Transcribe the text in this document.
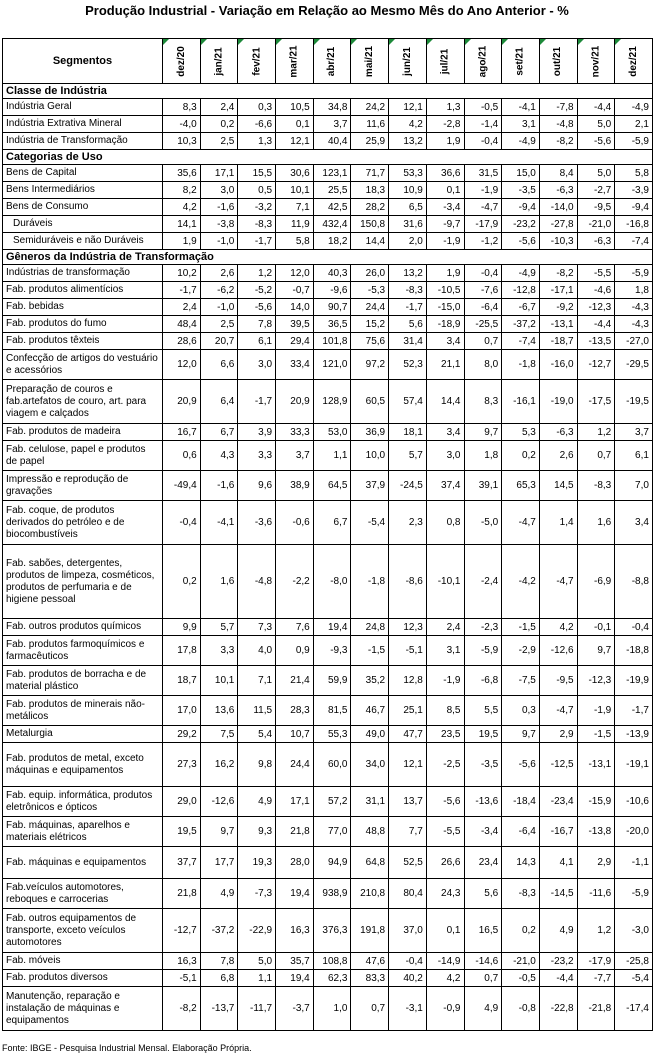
Produção Industrial - Variação em Relação ao Mesmo Mês do Ano Anterior - %
Segmentos	dez/20	jan/21	fev/21	mar/21	abr/21	mai/21	jun/21	jul/21	ago/21	set/21	out/21	nov/21	dez/21
Classe de Indústria													
Indústria Geral	8,3	2,4	0,3	10,5	34,8	24,2	12,1	1,3	-0,5	-4,1	-7,8	-4,4	-4,9
Indústria Extrativa Mineral	-4,0	0,2	-6,6	0,1	3,7	11,6	4,2	-2,8	-1,4	3,1	-4,8	5,0	2,1
Indústria de Transformação	10,3	2,5	1,3	12,1	40,4	25,9	13,2	1,9	-0,4	-4,9	-8,2	-5,6	-5,9
Categorias de Uso													
Bens de Capital	35,6	17,1	15,5	30,6	123,1	71,7	53,3	36,6	31,5	15,0	8,4	5,0	5,8
Bens Intermediários	8,2	3,0	0,5	10,1	25,5	18,3	10,9	0,1	-1,9	-3,5	-6,3	-2,7	-3,9
Bens de Consumo	4,2	-1,6	-3,2	7,1	42,5	28,2	6,5	-3,4	-4,7	-9,4	-14,0	-9,5	-9,4
Duráveis	14,1	-3,8	-8,3	11,9	432,4	150,8	31,6	-9,7	-17,9	-23,2	-27,8	-21,0	-16,8
Semiduráveis e não Duráveis	1,9	-1,0	-1,7	5,8	18,2	14,4	2,0	-1,9	-1,2	-5,6	-10,3	-6,3	-7,4
Gêneros da Indústria de Transformação													
Indústrias de transformação	10,2	2,6	1,2	12,0	40,3	26,0	13,2	1,9	-0,4	-4,9	-8,2	-5,5	-5,9
Fab. produtos alimentícios	-1,7	-6,2	-5,2	-0,7	-9,6	-5,3	-8,3	-10,5	-7,6	-12,8	-17,1	-4,6	1,8
Fab. bebidas	2,4	-1,0	-5,6	14,0	90,7	24,4	-1,7	-15,0	-6,4	-6,7	-9,2	-12,3	-4,3
Fab. produtos do fumo	48,4	2,5	7,8	39,5	36,5	15,2	5,6	-18,9	-25,5	-37,2	-13,1	-4,4	-4,3
Fab. produtos têxteis	28,6	20,7	6,1	29,4	101,8	75,6	31,4	3,4	0,7	-7,4	-18,7	-13,5	-27,0
Confecção de artigos do vestuário e acessórios	12,0	6,6	3,0	33,4	121,0	97,2	52,3	21,1	8,0	-1,8	-16,0	-12,7	-29,5
Preparação de couros e fab.artefatos de couro, art. para viagem e calçados	20,9	6,4	-1,7	20,9	128,9	60,5	57,4	14,4	8,3	-16,1	-19,0	-17,5	-19,5
Fab. produtos de madeira	16,7	6,7	3,9	33,3	53,0	36,9	18,1	3,4	9,7	5,3	-6,3	1,2	3,7
Fab. celulose, papel e produtos de papel	0,6	4,3	3,3	3,7	1,1	10,0	5,7	3,0	1,8	0,2	2,6	0,7	6,1
Impressão e reprodução de gravações	-49,4	-1,6	9,6	38,9	64,5	37,9	-24,5	37,4	39,1	65,3	14,5	-8,3	7,0
Fab. coque, de produtos derivados do petróleo e de biocombustíveis	-0,4	-4,1	-3,6	-0,6	6,7	-5,4	2,3	0,8	-5,0	-4,7	1,4	1,6	3,4
Fab. sabões, detergentes, produtos de limpeza, cosméticos, produtos de perfumaria e de higiene pessoal	0,2	1,6	-4,8	-2,2	-8,0	-1,8	-8,6	-10,1	-2,4	-4,2	-4,7	-6,9	-8,8
Fab. outros produtos químicos	9,9	5,7	7,3	7,6	19,4	24,8	12,3	2,4	-2,3	-1,5	4,2	-0,1	-0,4
Fab. produtos farmoquímicos e farmacêuticos	17,8	3,3	4,0	0,9	-9,3	-1,5	-5,1	3,1	-5,9	-2,9	-12,6	9,7	-18,8
Fab. produtos de borracha e de material plástico	18,7	10,1	7,1	21,4	59,9	35,2	12,8	-1,9	-6,8	-7,5	-9,5	-12,3	-19,9
Fab. produtos de minerais não-metálicos	17,0	13,6	11,5	28,3	81,5	46,7	25,1	8,5	5,5	0,3	-4,7	-1,9	-1,7
Metalurgia	29,2	7,5	5,4	10,7	55,3	49,0	47,7	23,5	19,5	9,7	2,9	-1,5	-13,9
Fab. produtos de metal, exceto máquinas e equipamentos	27,3	16,2	9,8	24,4	60,0	34,0	12,1	-2,5	-3,5	-5,6	-12,5	-13,1	-19,1
Fab. equip. informática, produtos eletrônicos e ópticos	29,0	-12,6	4,9	17,1	57,2	31,1	13,7	-5,6	-13,6	-18,4	-23,4	-15,9	-10,6
Fab. máquinas, aparelhos e materiais elétricos	19,5	9,7	9,3	21,8	77,0	48,8	7,7	-5,5	-3,4	-6,4	-16,7	-13,8	-20,0
Fab. máquinas e equipamentos	37,7	17,7	19,3	28,0	94,9	64,8	52,5	26,6	23,4	14,3	4,1	2,9	-1,1
Fab.veículos automotores, reboques e carrocerias	21,8	4,9	-7,3	19,4	938,9	210,8	80,4	24,3	5,6	-8,3	-14,5	-11,6	-5,9
Fab. outros equipamentos de transporte, exceto veículos automotores	-12,7	-37,2	-22,9	16,3	376,3	191,8	37,0	0,1	16,5	0,2	4,9	1,2	-3,0
Fab. móveis	16,3	7,8	5,0	35,7	108,8	47,6	-0,4	-14,9	-14,6	-21,0	-23,2	-17,9	-25,8
Fab. produtos diversos	-5,1	6,8	1,1	19,4	62,3	83,3	40,2	4,2	0,7	-0,5	-4,4	-7,7	-5,4
Manutenção, reparação e instalação de máquinas e equipamentos	-8,2	-13,7	-11,7	-3,7	1,0	0,7	-3,1	-0,9	4,9	-0,8	-22,8	-21,8	-17,4
Fonte: IBGE - Pesquisa Industrial Mensal. Elaboração Própria.
